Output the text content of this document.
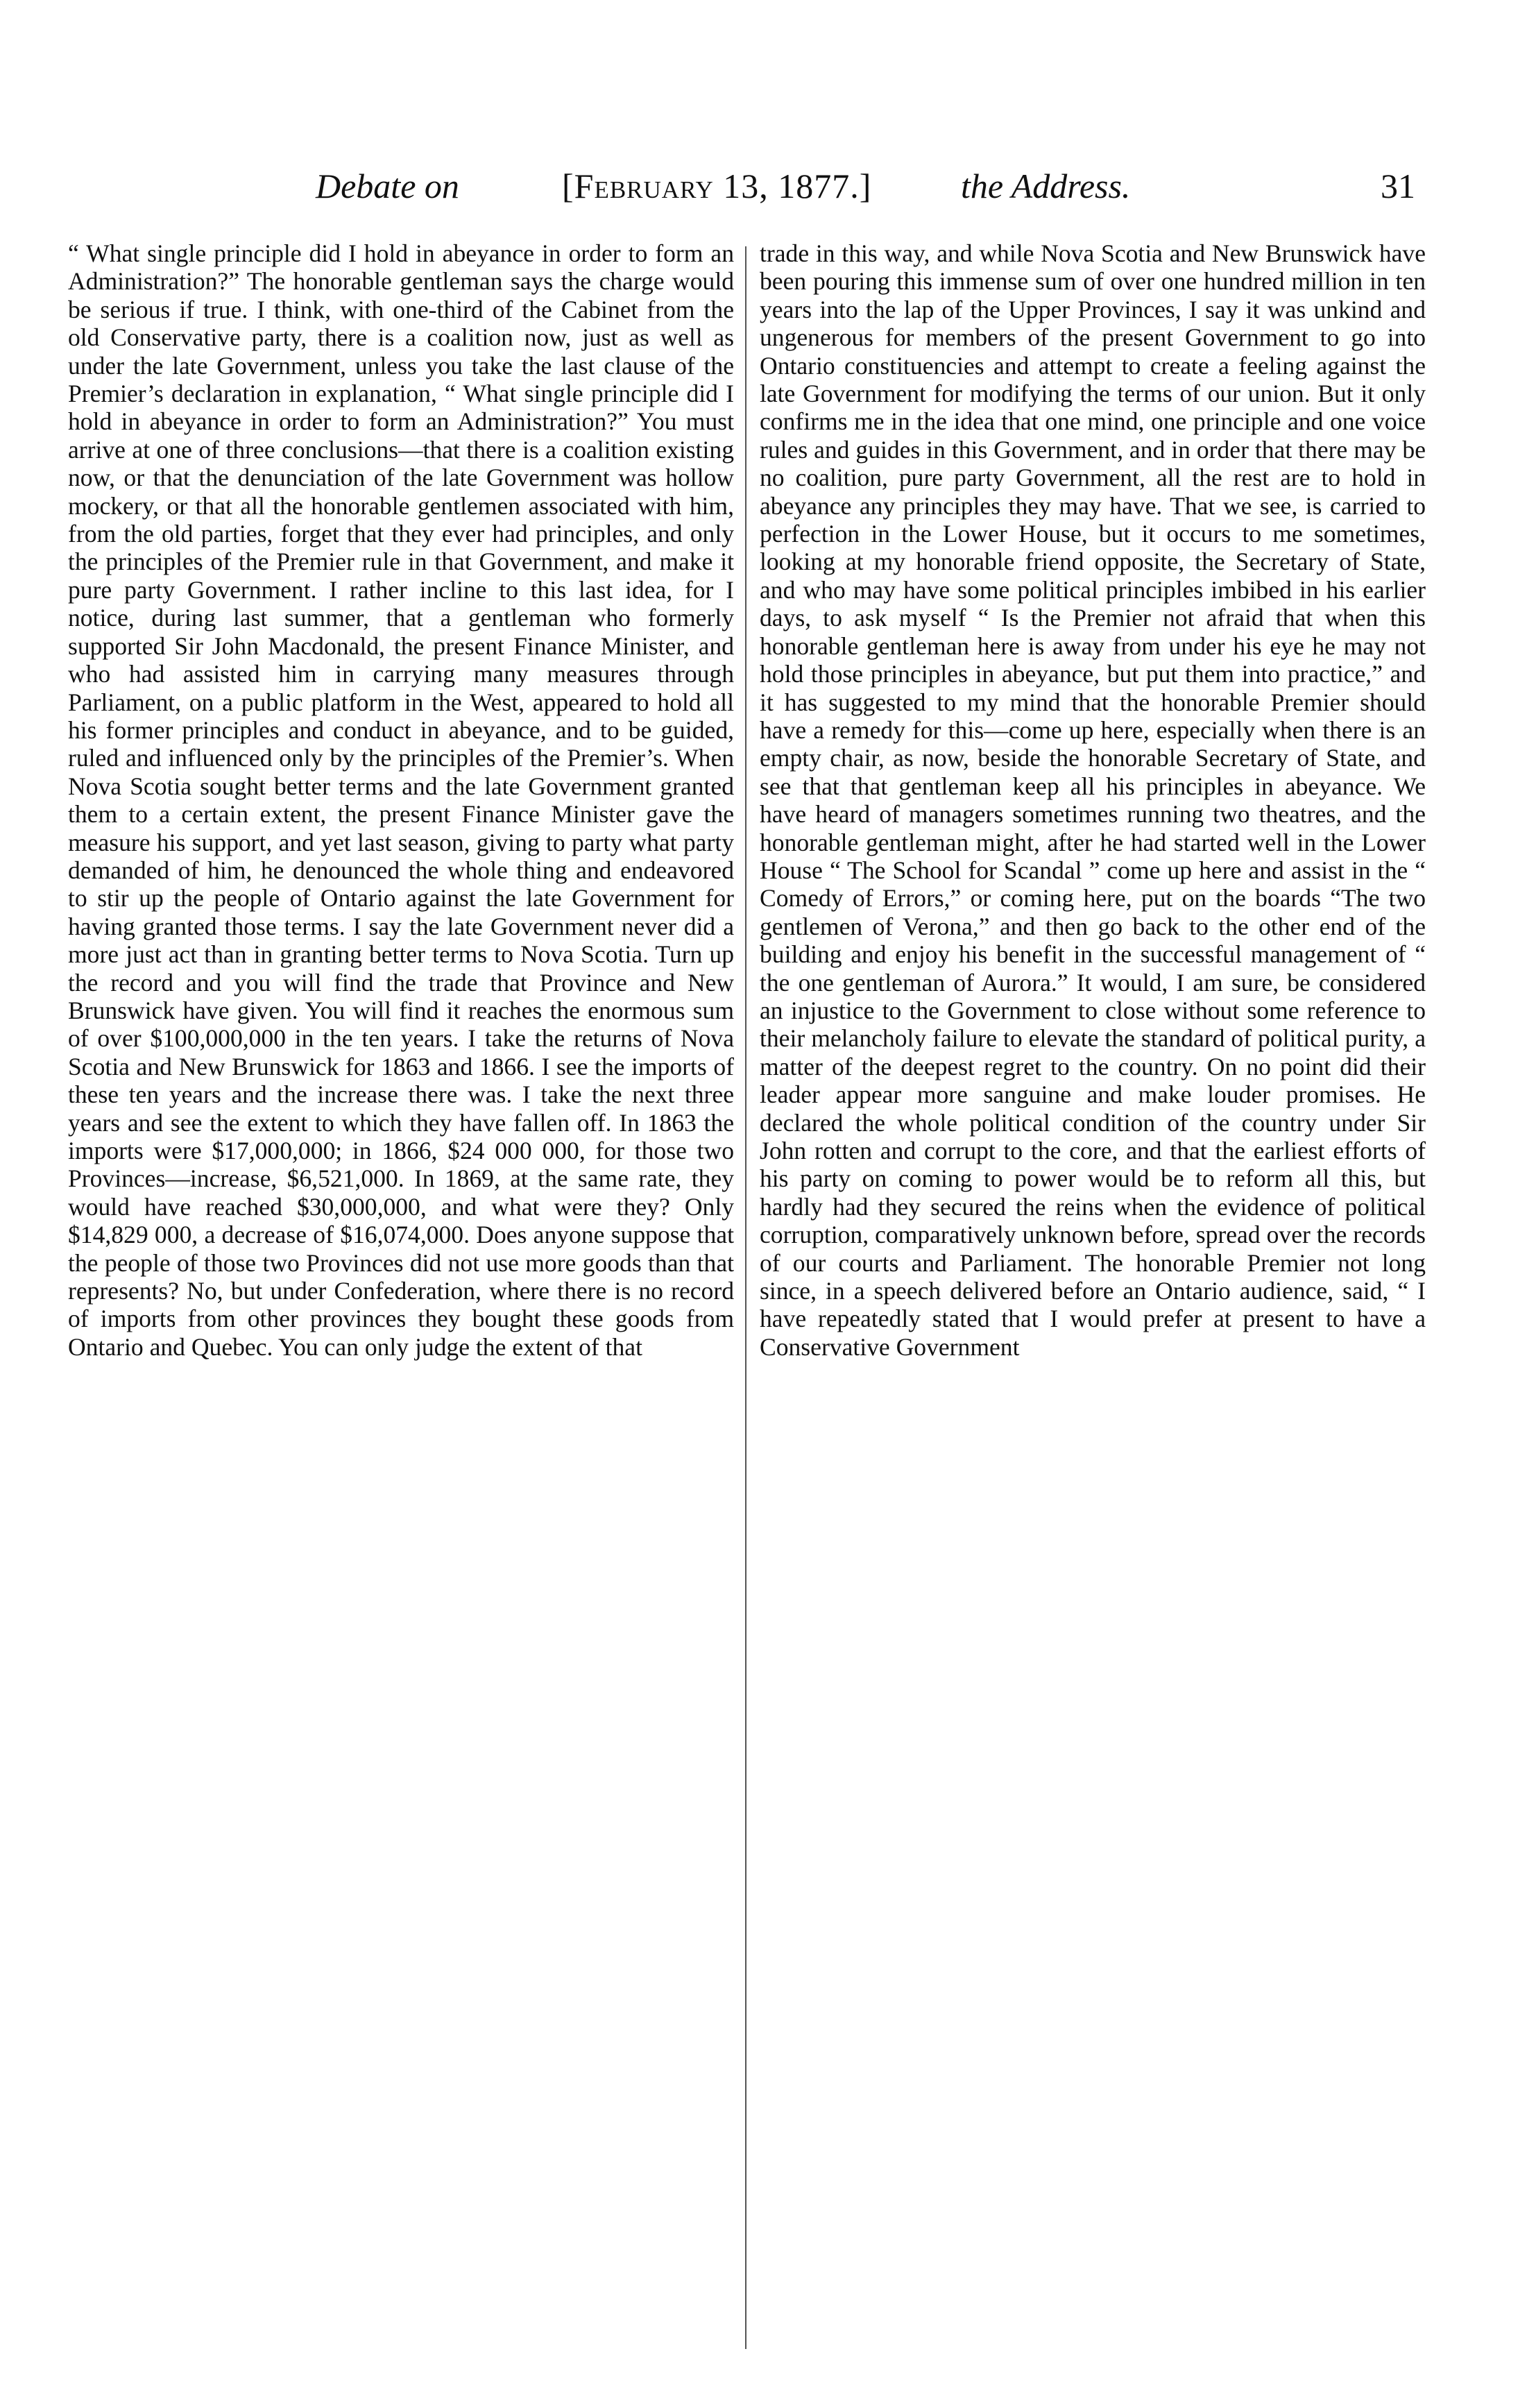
Debate on	[February 13, 1877.]	the Address.	31

“ What single principle did I hold in abeyance in order to form an Administration?” The honorable gentleman says the charge would be serious if true. I think, with one-third of the Cabinet from the old Conservative party, there is a coalition now, just as well as under the late Government, unless you take the last clause of the Premier’s declaration in explanation, “ What single principle did I hold in abeyance in order to form an Administration?” You must arrive at one of three conclusions—that there is a coalition existing now, or that the denunciation of the late Government was hollow mockery, or that all the honorable gentlemen associated with him, from the old parties, forget that they ever had principles, and only the principles of the Premier rule in that Government, and make it pure party Government. I rather incline to this last idea, for I notice, during last summer, that a gentleman who formerly supported Sir John Macdonald, the present Finance Minister, and who had assisted him in carrying many measures through Parliament, on a public platform in the West, appeared to hold all his former principles and conduct in abeyance, and to be guided, ruled and influenced only by the principles of the Premier’s. When Nova Scotia sought better terms and the late Government granted them to a certain extent, the present Finance Minister gave the measure his support, and yet last season, giving to party what party demanded of him, he denounced the whole thing and endeavored to stir up the people of Ontario against the late Government for having granted those terms. I say the late Government never did a more just act than in granting better terms to Nova Scotia. Turn up the record and you will find the trade that Province and New Brunswick have given. You will find it reaches the enormous sum of over $100,000,000 in the ten years. I take the returns of Nova Scotia and New Brunswick for 1863 and 1866. I see the imports of these ten years and the increase there was. I take the next three years and see the extent to which they have fallen off. In 1863 the imports were $17,000,000; in 1866, $24 000 000, for those two Provinces—increase, $6,521,000. In 1869, at the same rate, they would have reached $30,000,000, and what were they? Only $14,829 000, a decrease of $16,074,000. Does anyone suppose that the people of those two Provinces did not use more goods than that represents? No, but under Confederation, where there is no record of imports from other provinces they bought these goods from Ontario and Quebec. You can only judge the extent of that

trade in this way, and while Nova Scotia and New Brunswick have been pouring this immense sum of over one hundred million in ten years into the lap of the Upper Provinces, I say it was unkind and ungenerous for members of the present Government to go into Ontario constituencies and attempt to create a feeling against the late Government for modifying the terms of our union. But it only confirms me in the idea that one mind, one principle and one voice rules and guides in this Government, and in order that there may be no coalition, pure party Government, all the rest are to hold in abeyance any principles they may have. That we see, is carried to perfection in the Lower House, but it occurs to me sometimes, looking at my honorable friend opposite, the Secretary of State, and who may have some political principles imbibed in his earlier days, to ask myself “ Is the Premier not afraid that when this honorable gentleman here is away from under his eye he may not hold those principles in abeyance, but put them into practice,” and it has suggested to my mind that the honorable Premier should have a remedy for this—come up here, especially when there is an empty chair, as now, beside the honorable Secretary of State, and see that that gentleman keep all his principles in abeyance. We have heard of managers sometimes running two theatres, and the honorable gentleman might, after he had started well in the Lower House “ The School for Scandal ” come up here and assist in the “ Comedy of Errors,” or coming here, put on the boards “The two gentlemen of Verona,” and then go back to the other end of the building and enjoy his benefit in the successful management of “ the one gentleman of Aurora.” It would, I am sure, be considered an injustice to the Government to close without some reference to their melancholy failure to elevate the standard of political purity, a matter of the deepest regret to the country. On no point did their leader appear more sanguine and make louder promises. He declared the whole political condition of the country under Sir John rotten and corrupt to the core, and that the earliest efforts of his party on coming to power would be to reform all this, but hardly had they secured the reins when the evidence of political corruption, comparatively unknown before, spread over the records of our courts and Parliament. The honorable Premier not long since, in a speech delivered before an Ontario audience, said, “ I have repeatedly stated that I would prefer at present to have a Conservative Government
